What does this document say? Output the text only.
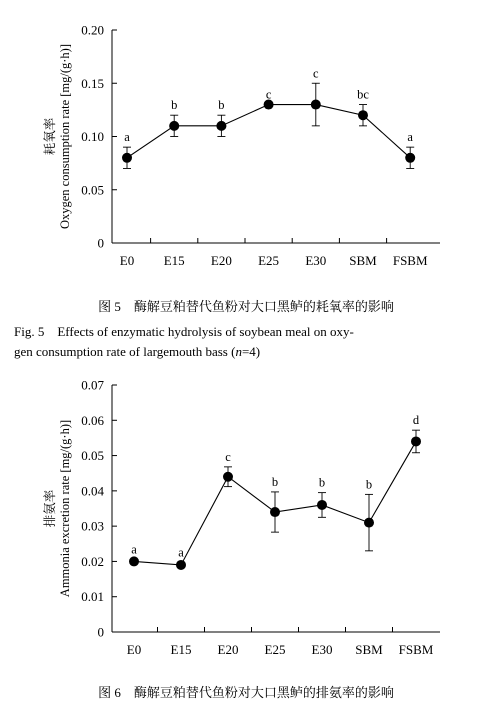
0
0.05
0.10
0.15
0.20
E0 E15 E20 E25 E30 SBM FSBM
耗氧率Oxygen consumption rate [mg/(g·h)]	a
b	b
c
c
bc
a
0
0.01
0.02
0.03
0.04
0.05
0.06
0.07
E0 E15 E20 E25 E30 SBM FSBM
排氨率Ammonia excretion rate [mg/(g·h)]	a	a
c
b	b	b
d
图 5　酶解豆粕替代鱼粉对大口黑鲈的耗氧率的影响
Fig. 5　Effects of enzymatic hydrolysis of soybean meal on oxy-
gen consumption rate of largemouth bass (n=4)
图 6　酶解豆粕替代鱼粉对大口黑鲈的排氨率的影响
